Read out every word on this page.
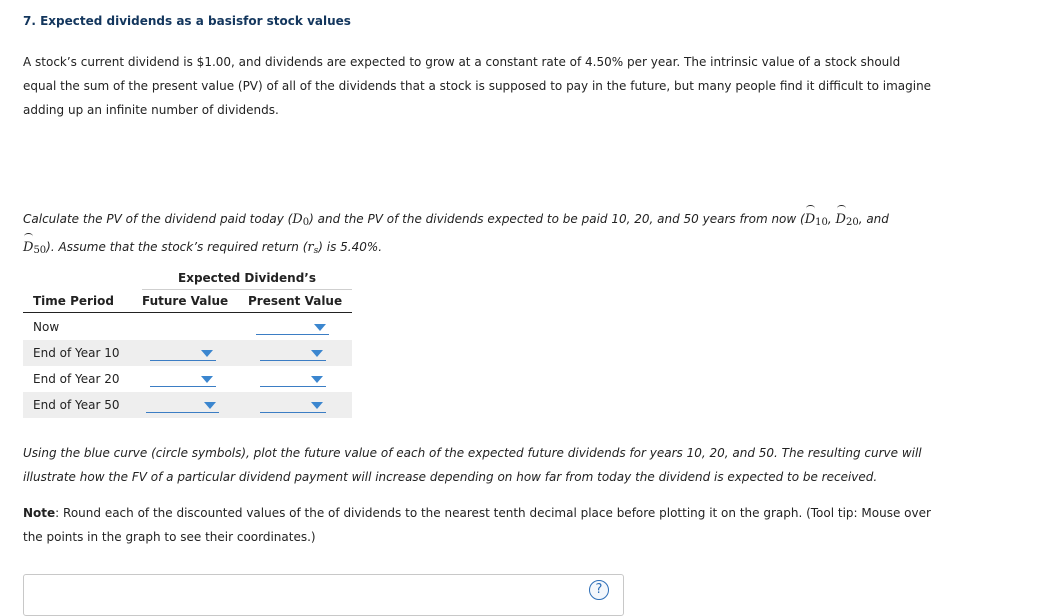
7. Expected dividends as a basisfor stock values
A stock’s current dividend is $1.00, and dividends are expected to grow at a constant rate of 4.50% per year. The intrinsic value of a stock should
equal the sum of the present value (PV) of all of the dividends that a stock is supposed to pay in the future, but many people find it difficult to imagine
adding up an infinite number of dividends.
Calculate the PV of the dividend paid today $(D_0)$ and the PV of the dividends expected to be paid 10, 20, and 50 years from now ($D_{10}$, $D_{20}$, and
$D_{50}$). Assume that the stock’s required return (rs) is 5.40%.
Expected Dividend’s
Time Period Future Value Present Value
Now
End of Year 10
End of Year 20
End of Year 50
Using the blue curve (circle symbols), plot the future value of each of the expected future dividends for years 10, 20, and 50. The resulting curve will
illustrate how the FV of a particular dividend payment will increase depending on how far from today the dividend is expected to be received.
Note: Round each of the discounted values of the of dividends to the nearest tenth decimal place before plotting it on the graph. (Tool tip: Mouse over
the points in the graph to see their coordinates.)
?
